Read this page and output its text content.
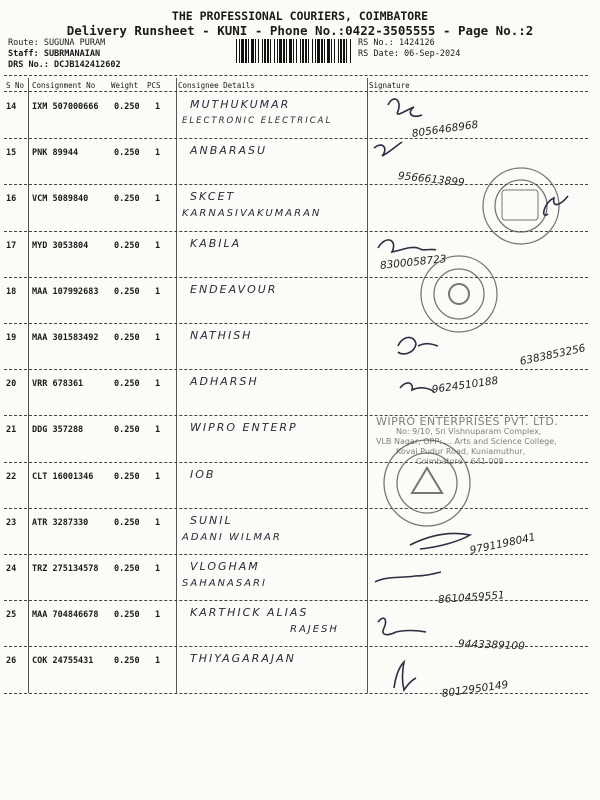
THE PROFESSIONAL COURIERS, COIMBATORE
Delivery Runsheet - KUNI - Phone No.:0422-3505555 - Page No.:2
Route: SUGUNA PURAM
Staff: SUBRMANAIAN
DRS No.: DCJB142412602
RS No.: 1424126
RS Date: 06-Sep-2024
S No Consignment No Weight PCS Consignee Details	Signature
14 IXM 507000666 0.250 1	MUTHUKUMAR
ELECTRONIC ELECTRICAL	8056468968
15 PNK 89944	0.250 1	ANBARASU
9566613899
16 VCM 5089840	0.250 1	SKCET
KARNASIVAKUMARAN
17 MYD 3053804	0.250 1	KABILA
8300058723
18 MAA 107992683 0.250 1	ENDEAVOUR
19 MAA 301583492 0.250 1	NATHISH
6383853256
20 VRR 678361	0.250 1	ADHARSH	9624510188
21 DDG 357288	0.250 1	WIPRO ENTERP
22 CLT 16001346 0.250 1	IOB
23 ATR 3287330	0.250 1	SUNIL
ADANI WILMAR	9791198041
24 TRZ 275134578 0.250 1	VLOGHAM
SAHANASARI
8610459551
25 MAA 704846678 0.250 1	KARTHICK ALIAS
RAJESH
9443389100
26 COK 24755431 0.250 1	THIYAGARAJAN
8012950149
WIPRO ENTERPRISES PVT. LTD.
No: 9/10, Sri Vishnuparam Complex,
VLB Nagar, OPP: ... Arts and Science College,
Kovai Pudur Road, Kuniamuthur,
Coimbatore - 641 008
